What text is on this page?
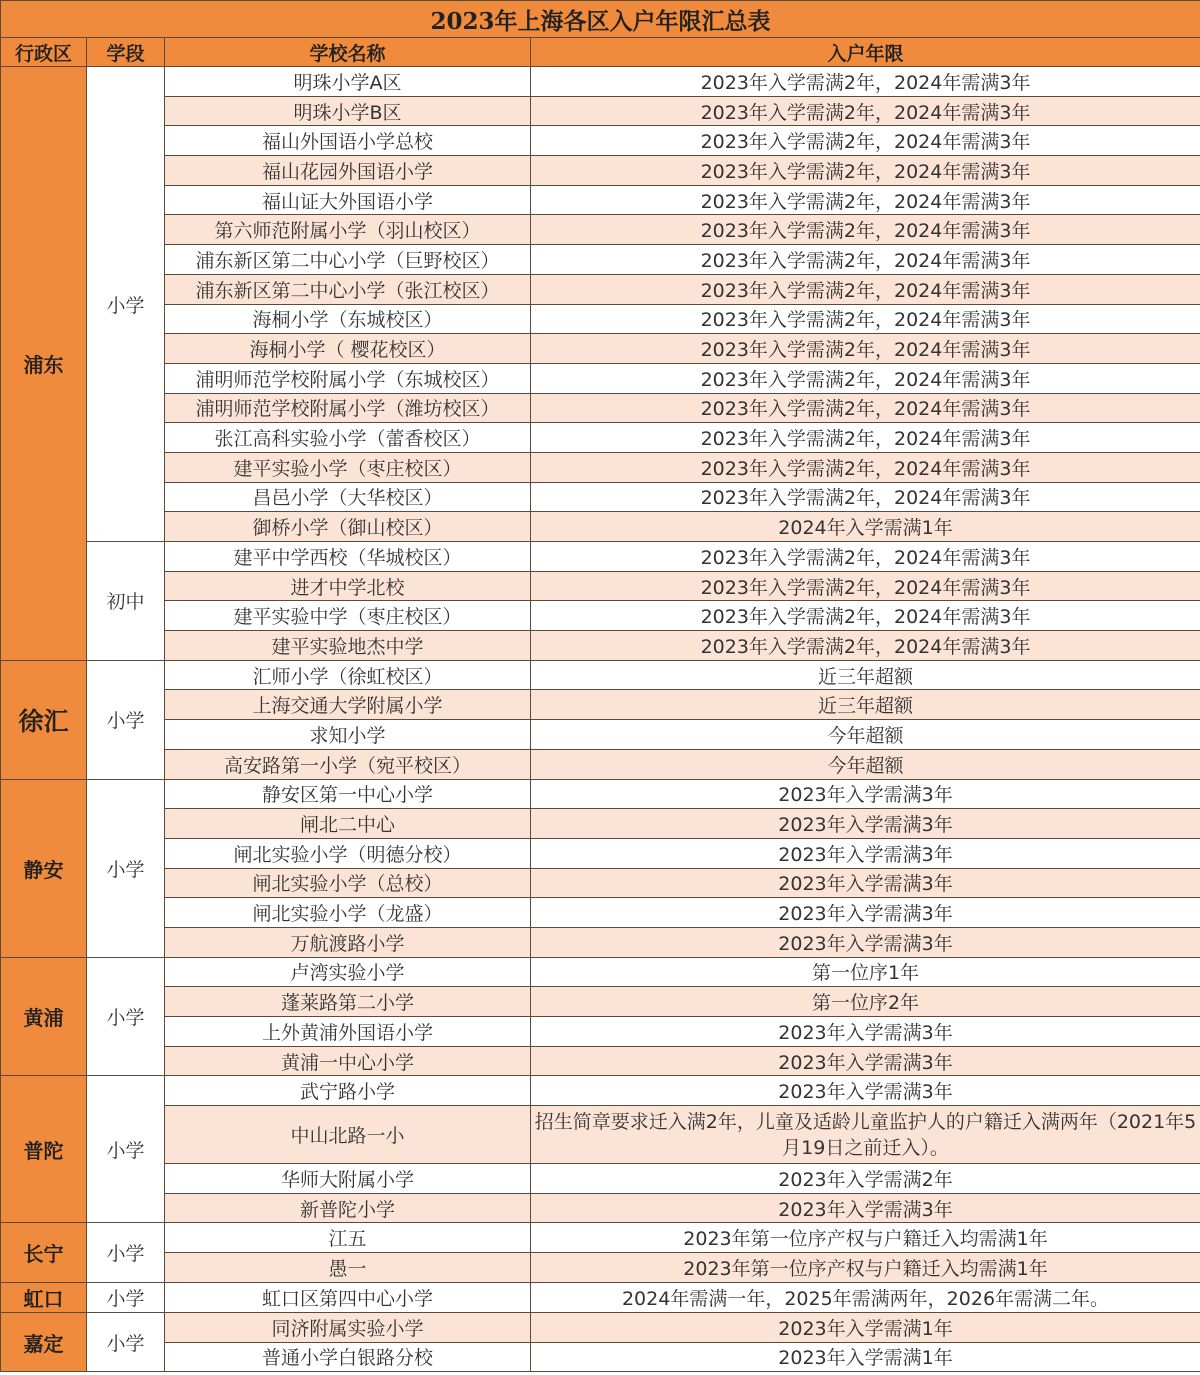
2023年上海各区入户年限汇总表			
行政区	学段	学校名称	入户年限
浦东	小学	明珠小学A区	2023年入学需满2年，2024年需满3年
		明珠小学B区	2023年入学需满2年，2024年需满3年
		福山外国语小学总校	2023年入学需满2年，2024年需满3年
		福山花园外国语小学	2023年入学需满2年，2024年需满3年
		福山证大外国语小学	2023年入学需满2年，2024年需满3年
		第六师范附属小学（羽山校区）	2023年入学需满2年，2024年需满3年
		浦东新区第二中心小学（巨野校区）	2023年入学需满2年，2024年需满3年
		浦东新区第二中心小学（张江校区）	2023年入学需满2年，2024年需满3年
		海桐小学（东城校区）	2023年入学需满2年，2024年需满3年
		海桐小学（ 樱花校区）	2023年入学需满2年，2024年需满3年
		浦明师范学校附属小学（东城校区）	2023年入学需满2年，2024年需满3年
		浦明师范学校附属小学（潍坊校区）	2023年入学需满2年，2024年需满3年
		张江高科实验小学（蕾香校区）	2023年入学需满2年，2024年需满3年
		建平实验小学（枣庄校区）	2023年入学需满2年，2024年需满3年
		昌邑小学（大华校区）	2023年入学需满2年，2024年需满3年
		御桥小学（御山校区）	2024年入学需满1年
	初中	建平中学西校（华城校区）	2023年入学需满2年，2024年需满3年
		进才中学北校	2023年入学需满2年，2024年需满3年
		建平实验中学（枣庄校区）	2023年入学需满2年，2024年需满3年
		建平实验地杰中学	2023年入学需满2年，2024年需满3年
徐汇	小学	汇师小学（徐虹校区）	近三年超额
		上海交通大学附属小学	近三年超额
		求知小学	今年超额
		高安路第一小学（宛平校区）	今年超额
静安	小学	静安区第一中心小学	2023年入学需满3年
		闸北二中心	2023年入学需满3年
		闸北实验小学（明德分校）	2023年入学需满3年
		闸北实验小学（总校）	2023年入学需满3年
		闸北实验小学（龙盛）	2023年入学需满3年
		万航渡路小学	2023年入学需满3年
黄浦	小学	卢湾实验小学	第一位序1年
		蓬莱路第二小学	第一位序2年
		上外黄浦外国语小学	2023年入学需满3年
		黄浦一中心小学	2023年入学需满3年
普陀	小学	武宁路小学	2023年入学需满3年
		中山北路一小	招生简章要求迁入满2年，儿童及适龄儿童监护人的户籍迁入满两年（2021年5月19日之前迁入）。
		华师大附属小学	2023年入学需满2年
		新普陀小学	2023年入学需满3年
长宁	小学	江五	2023年第一位序产权与户籍迁入均需满1年
		愚一	2023年第一位序产权与户籍迁入均需满1年
虹口	小学	虹口区第四中心小学	2024年需满一年，2025年需满两年，2026年需满二年。
嘉定	小学	同济附属实验小学	2023年入学需满1年
		普通小学白银路分校	2023年入学需满1年
